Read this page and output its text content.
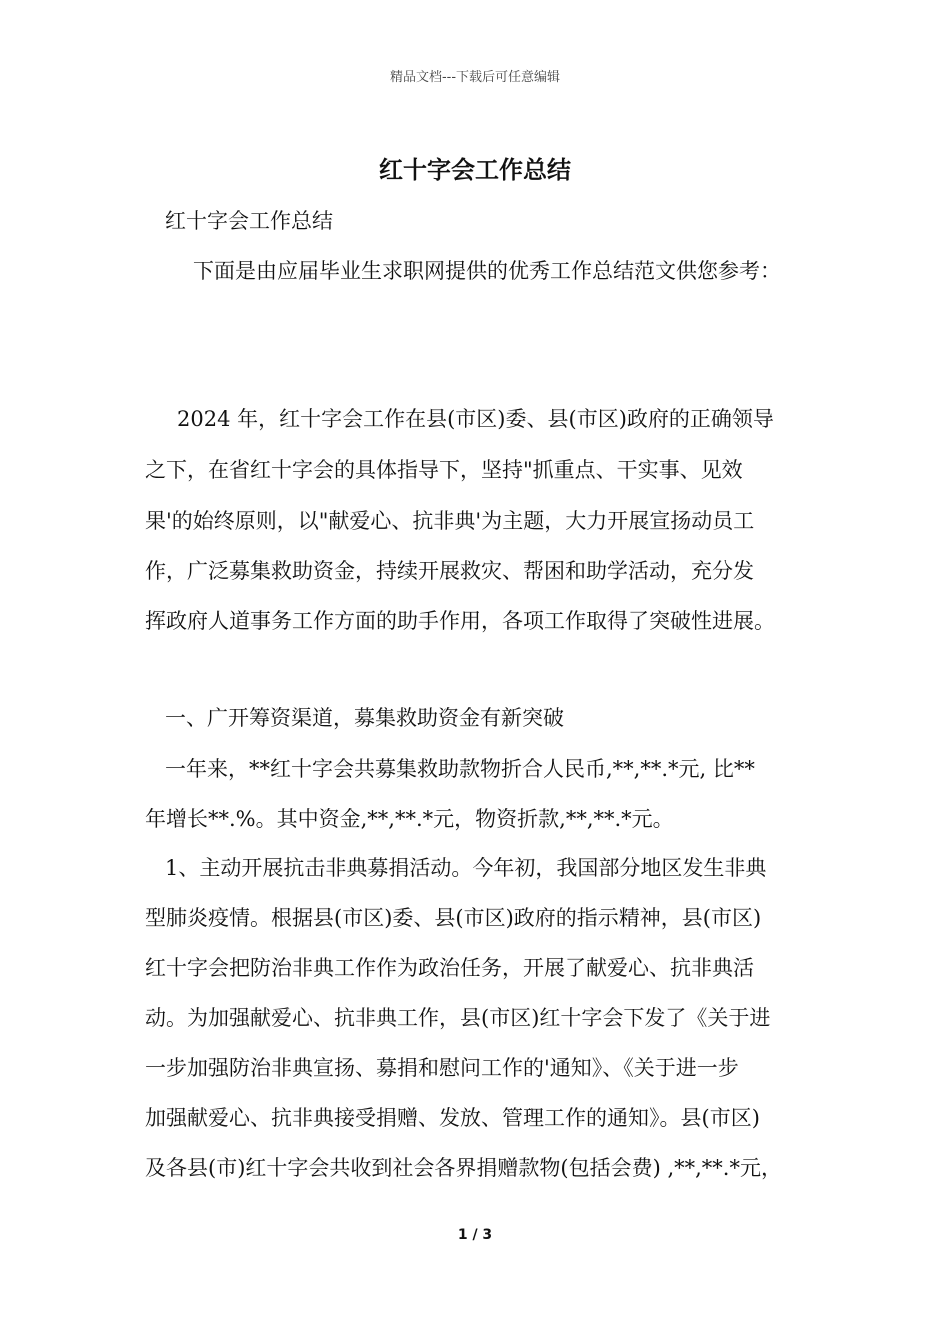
精品文档---下载后可任意编辑
红十字会工作总结
红十字会工作总结
下面是由应届毕业生求职网提供的优秀工作总结范文供您参考：
2024 年，红十字会工作在县(市区)委、县(市区)政府的正确领导
之下，在省红十字会的具体指导下，坚持"抓重点、干实事、见效
果'的始终原则，以"献爱心、抗非典'为主题，大力开展宣扬动员工
作，广泛募集救助资金，持续开展救灾、帮困和助学活动，充分发
挥政府人道事务工作方面的助手作用，各项工作取得了突破性进展。
一、广开筹资渠道，募集救助资金有新突破
一年来，**红十字会共募集救助款物折合人民币,**,**.*元, 比**
年增长**.%。其中资金,**,**.*元，物资折款,**,**.*元。
1、主动开展抗击非典募捐活动。今年初，我国部分地区发生非典
型肺炎疫情。根据县(市区)委、县(市区)政府的指示精神，县(市区)
红十字会把防治非典工作作为政治任务，开展了献爱心、抗非典活
动。为加强献爱心、抗非典工作，县(市区)红十字会下发了《关于进
一步加强防治非典宣扬、募捐和慰问工作的'通知》、《关于进一步
加强献爱心、抗非典接受捐赠、发放、管理工作的通知》。县(市区)
及各县(市)红十字会共收到社会各界捐赠款物(包括会费) ,**,**.*元，
1 / 3
